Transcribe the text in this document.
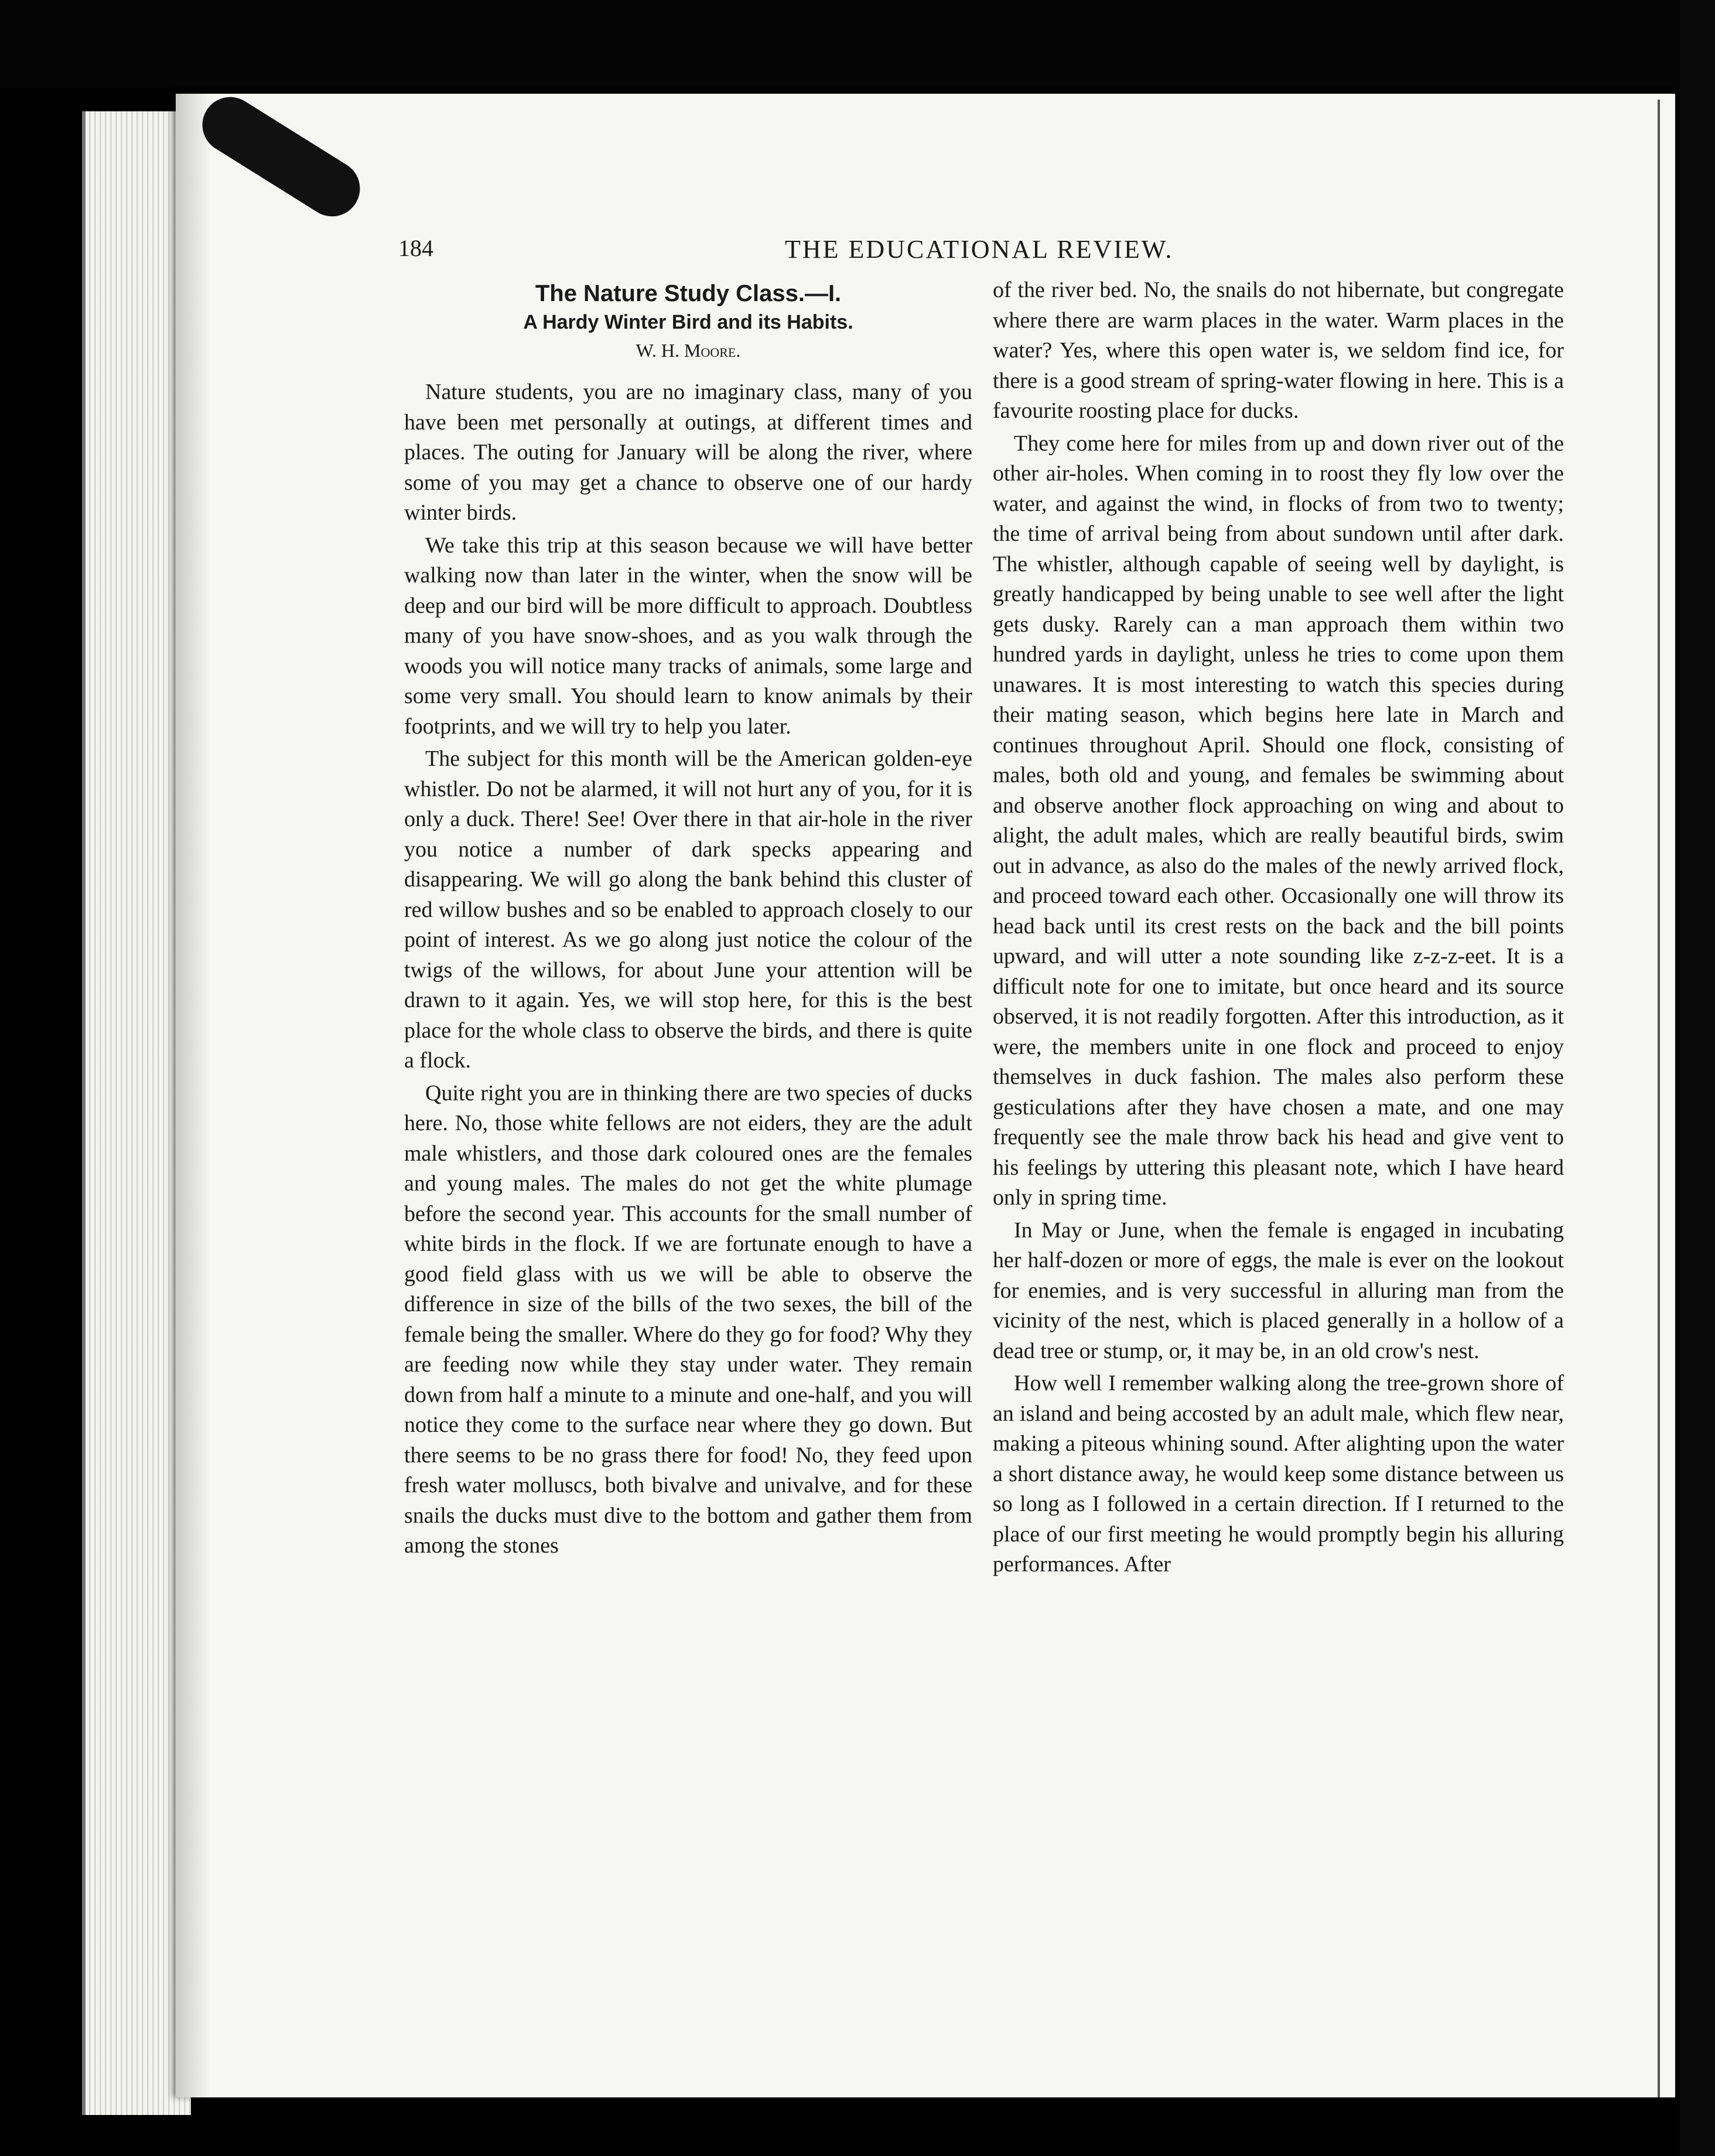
184	THE EDUCATIONAL REVIEW.
The Nature Study Class.—I.
A Hardy Winter Bird and its Habits.
W. H. Moore.

Nature students, you are no imaginary class, many of you have been met personally at outings, at different times and places. The outing for January will be along the river, where some of you may get a chance to observe one of our hardy winter birds.

We take this trip at this season because we will have better walking now than later in the winter, when the snow will be deep and our bird will be more difficult to approach. Doubtless many of you have snow-shoes, and as you walk through the woods you will notice many tracks of animals, some large and some very small. You should learn to know animals by their footprints, and we will try to help you later.

The subject for this month will be the American golden-eye whistler. Do not be alarmed, it will not hurt any of you, for it is only a duck. There! See! Over there in that air-hole in the river you notice a number of dark specks appearing and disappearing. We will go along the bank behind this cluster of red willow bushes and so be enabled to approach closely to our point of interest. As we go along just notice the colour of the twigs of the willows, for about June your attention will be drawn to it again. Yes, we will stop here, for this is the best place for the whole class to observe the birds, and there is quite a flock.

Quite right you are in thinking there are two species of ducks here. No, those white fellows are not eiders, they are the adult male whistlers, and those dark coloured ones are the females and young males. The males do not get the white plumage before the second year. This accounts for the small number of white birds in the flock. If we are fortunate enough to have a good field glass with us we will be able to observe the difference in size of the bills of the two sexes, the bill of the female being the smaller. Where do they go for food? Why they are feeding now while they stay under water. They remain down from half a minute to a minute and one-half, and you will notice they come to the surface near where they go down. But there seems to be no grass there for food! No, they feed upon fresh water molluscs, both bivalve and univalve, and for these snails the ducks must dive to the bottom and gather them from among the stones

of the river bed. No, the snails do not hibernate, but congregate where there are warm places in the water. Warm places in the water? Yes, where this open water is, we seldom find ice, for there is a good stream of spring-water flowing in here. This is a favourite roosting place for ducks.

They come here for miles from up and down river out of the other air-holes. When coming in to roost they fly low over the water, and against the wind, in flocks of from two to twenty; the time of arrival being from about sundown until after dark. The whistler, although capable of seeing well by daylight, is greatly handicapped by being unable to see well after the light gets dusky. Rarely can a man approach them within two hundred yards in daylight, unless he tries to come upon them unawares. It is most interesting to watch this species during their mating season, which begins here late in March and continues throughout April. Should one flock, consisting of males, both old and young, and females be swimming about and observe another flock approaching on wing and about to alight, the adult males, which are really beautiful birds, swim out in advance, as also do the males of the newly arrived flock, and proceed toward each other. Occasionally one will throw its head back until its crest rests on the back and the bill points upward, and will utter a note sounding like z-z-z-eet. It is a difficult note for one to imitate, but once heard and its source observed, it is not readily forgotten. After this introduction, as it were, the members unite in one flock and proceed to enjoy themselves in duck fashion. The males also perform these gesticulations after they have chosen a mate, and one may frequently see the male throw back his head and give vent to his feelings by uttering this pleasant note, which I have heard only in spring time.

In May or June, when the female is engaged in incubating her half-dozen or more of eggs, the male is ever on the lookout for enemies, and is very successful in alluring man from the vicinity of the nest, which is placed generally in a hollow of a dead tree or stump, or, it may be, in an old crow's nest.

How well I remember walking along the tree-grown shore of an island and being accosted by an adult male, which flew near, making a piteous whining sound. After alighting upon the water a short distance away, he would keep some distance between us so long as I followed in a certain direction. If I returned to the place of our first meeting he would promptly begin his alluring performances. After
